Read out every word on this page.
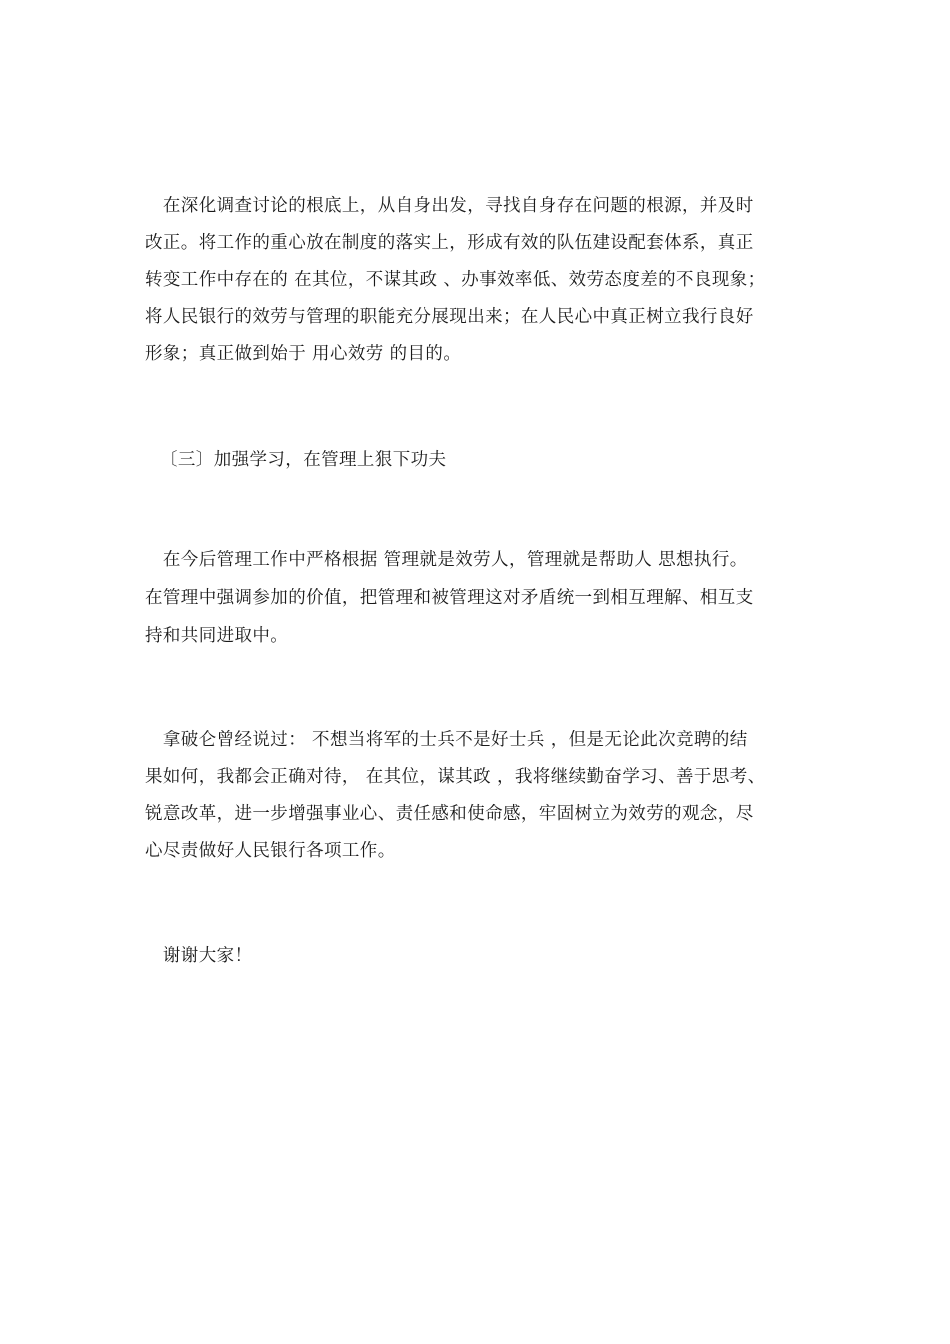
　在深化调查讨论的根底上，从自身出发，寻找自身存在问题的根源，并及时
改正。将工作的重心放在制度的落实上，形成有效的队伍建设配套体系，真正
转变工作中存在的 在其位，不谋其政 、办事效率低、效劳态度差的不良现象；
将人民银行的效劳与管理的职能充分展现出来；在人民心中真正树立我行良好
形象；真正做到始于 用心效劳 的目的。
〔三〕加强学习，在管理上狠下功夫
　在今后管理工作中严格根据 管理就是效劳人，管理就是帮助人 思想执行。
在管理中强调参加的价值，把管理和被管理这对矛盾统一到相互理解、相互支
持和共同进取中。
　拿破仑曾经说过： 不想当将军的士兵不是好士兵 ，但是无论此次竞聘的结
果如何，我都会正确对待， 在其位，谋其政 ，我将继续勤奋学习、善于思考、
锐意改革，进一步增强事业心、责任感和使命感，牢固树立为效劳的观念，尽
心尽责做好人民银行各项工作。
　谢谢大家！
